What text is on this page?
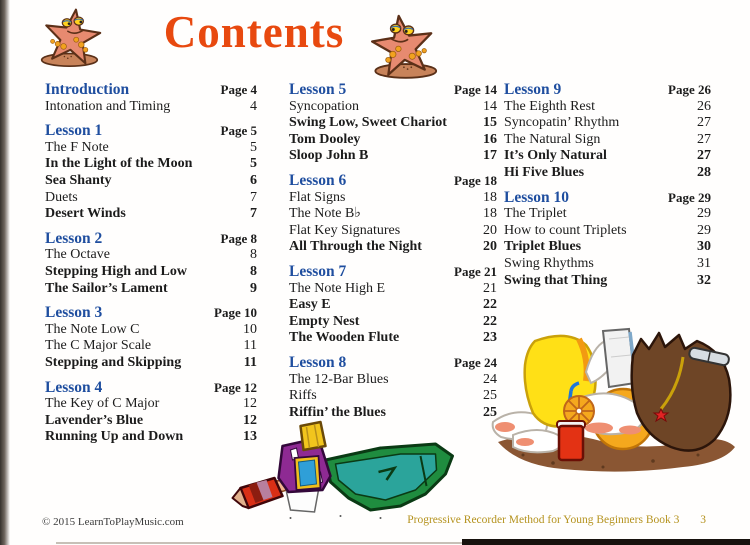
Contents
Introduction	Page 4
Intonation and Timing	4
Lesson 1	Page 5
The F Note	5
In the Light of the Moon	5
Sea Shanty	6
Duets	7
Desert Winds	7
Lesson 2	Page 8
The Octave	8
Stepping High and Low	8
The Sailor’s Lament	9
Lesson 3	Page 10
The Note Low C	10
The C Major Scale	11
Stepping and Skipping	11
Lesson 4	Page 12
The Key of C Major	12
Lavender’s Blue	12
Running Up and Down	13
Lesson 5	Page 14
Syncopation	14
Swing Low, Sweet Chariot	15
Tom Dooley	16
Sloop John B	17
Lesson 6	Page 18
Flat Signs	18
The Note B♭	18
Flat Key Signatures	20
All Through the Night	20
Lesson 7	Page 21
The Note High E	21
Easy E	22
Empty Nest	22
The Wooden Flute	23
Lesson 8	Page 24
The 12-Bar Blues	24
Riffs	25
Riffin’ the Blues	25
Lesson 9	Page 26
The Eighth Rest	26
Syncopatin’ Rhythm	27
The Natural Sign	27
It’s Only Natural	27
Hi Five Blues	28
Lesson 10	Page 29
The Triplet	29
How to count Triplets	29
Triplet Blues	30
Swing Rhythms	31
Swing that Thing	32
© 2015 LearnToPlayMusic.com	Progressive Recorder Method for Young Beginners Book 3 3
